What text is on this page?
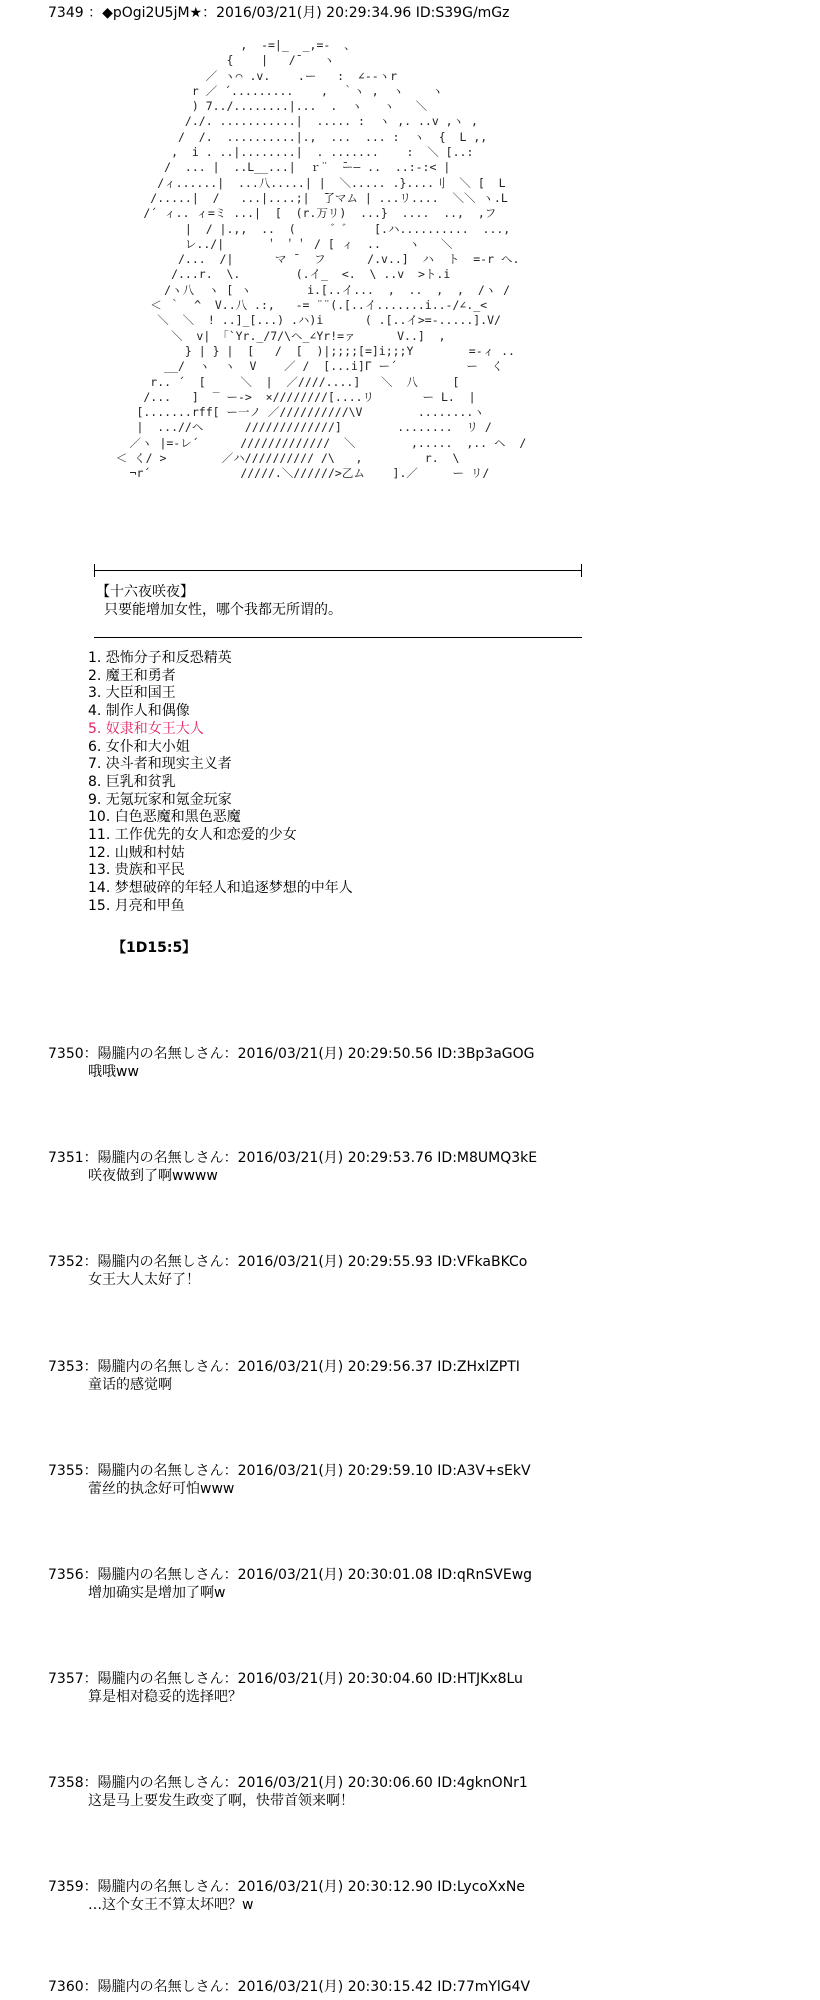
7349 ：◆pOgi2U5jM★：2016/03/21(月) 20:29:34.96 ID:S39G/mGz
,  -=|_  _,=-  、
{    |   /̄    ヽ
／ ヽ⌒ .v.    .ー   :  ∠-‐ヽr
r ／ ´.........    ,  ｀ヽ ,  ヽ    ヽ
) 7../........|...  .  ヽ   ヽ   ＼
/./. ...........|  ..... :  ヽ ,. ..v ,ヽ ,
/  /.  ..........|.,  ...  ... :  ヽ  {  L ,,
,  i . ..|........|  . .......    :  ＼ [..:
/  ... |  ..L__...|  ｒ¨  ̄ー― ..  ..:-:< |
/ィ......|  ...八.....| |  ＼..... .}....刂  ＼ [  L
/.....|  /   ...|....;|  ̄了マム | ...リ....  ＼＼ ヽ.L
/´ ィ.. ィ=ミ ...|  [  (r.万リ)  ...}  ....  ..,  ,フ
|  / |.,,  ..  (     ゛゛   [.ハ..........  ...,
レ../|      ＇ ＇＇ / [ ィ  ..    ヽ   ＼
/...  /|      マ ¯  フ      /.v..]  ハ  ト  =-r へ.
/...r.  \.        (.イ_  <.  \ ..v  >ト.i
/ヽ八  ヽ [ ヽ        i.[..イ...  ,  ..  ,  ,  /ヽ /
＜ ｀  ^  V..八 .:,   -= ¨¨(.[..イ.......i..-/∠._<
＼  ＼  ! ..]_[...) .ハ)i      ( .[..イ>=-.....].V/
＼  v| 「`Yr._/7/\ヘ_∠Yr!=ァ      V..]  ,
} | } |  [   /  [  )|;;;;[=]i;;;Y        =-ィ ..
__/  ヽ  ヽ  V    ／ /  [...i]Γ ー´          ー  く
r.. ´  [     ＼  |  ／////....]   ＼  八     [
/...   ]  ‾ ー->  ×////////[....リ       ー L.  |
[.......rff[ ー一ノ ／//////////\V        ........ヽ
|  ...//ヘ      /////////////]        ........  リ /
／ヽ |=-レ´      /////////////  ＼        ,.....  ,.. ヘ  /
＜ く/ >        ／ハ////////// /\   ,         r.  \
¬r´             /////.＼//////>乙ム    ].／     ー リ/

【十六夜咲夜】
只要能增加女性，哪个我都无所谓的。
1. 恐怖分子和反恐精英
2. 魔王和勇者
3. 大臣和国王
4. 制作人和偶像
5. 奴隶和女王大人
6. 女仆和大小姐
7. 决斗者和现实主义者
8. 巨乳和贫乳
9. 无氪玩家和氪金玩家
10. 白色恶魔和黑色恶魔
11. 工作优先的女人和恋爱的少女
12. 山贼和村姑
13. 贵族和平民
14. 梦想破碎的年轻人和追逐梦想的中年人
15. 月亮和甲鱼
【1D15:5】
7350：陽朧内の名無しさん：2016/03/21(月) 20:29:50.56 ID:3Bp3aGOG
哦哦ww
7351：陽朧内の名無しさん：2016/03/21(月) 20:29:53.76 ID:M8UMQ3kE
咲夜做到了啊wwww
7352：陽朧内の名無しさん：2016/03/21(月) 20:29:55.93 ID:VFkaBKCo
女王大人太好了！
7353：陽朧内の名無しさん：2016/03/21(月) 20:29:56.37 ID:ZHxlZPTI
童话的感觉啊
7355：陽朧内の名無しさん：2016/03/21(月) 20:29:59.10 ID:A3V+sEkV
蕾丝的执念好可怕www
7356：陽朧内の名無しさん：2016/03/21(月) 20:30:01.08 ID:qRnSVEwg
增加确实是增加了啊w
7357：陽朧内の名無しさん：2016/03/21(月) 20:30:04.60 ID:HTJKx8Lu
算是相对稳妥的选择吧？
7358：陽朧内の名無しさん：2016/03/21(月) 20:30:06.60 ID:4gknONr1
这是马上要发生政变了啊，快带首领来啊！
7359：陽朧内の名無しさん：2016/03/21(月) 20:30:12.90 ID:LycoXxNe
…这个女王不算太坏吧？w
7360：陽朧内の名無しさん：2016/03/21(月) 20:30:15.42 ID:77mYlG4V
